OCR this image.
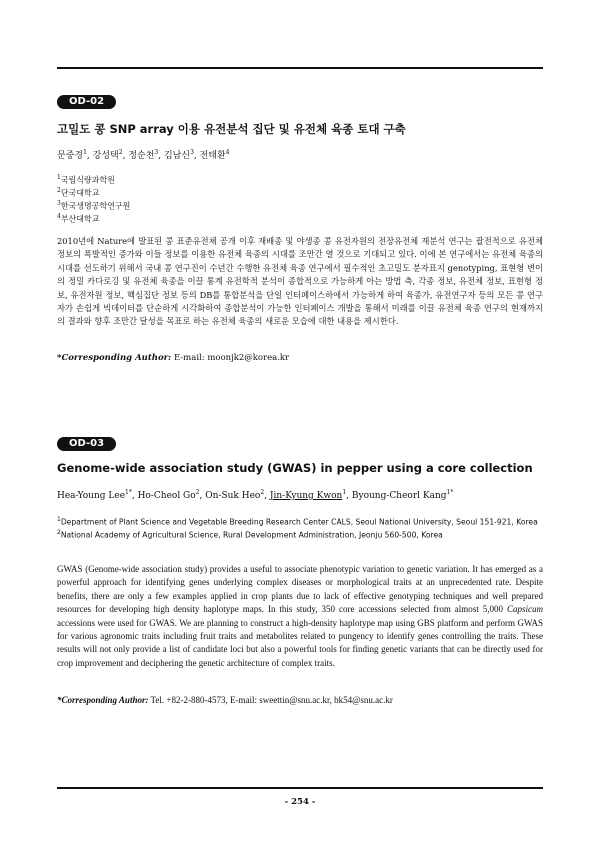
OD-02
고밀도 콩 SNP array 이용 유전분석 집단 및 유전체 육종 토대 구축
문중경$^1$, 강성택$^2$, 정순천$^3$, 김남신$^3$, 전태환$^4$
$^1$국립식량과학원
$^2$단국대학교
$^3$한국생명공학연구원
$^4$부산대학교
2010년에 Nature에 발표된 콩 표준유전체 공개 이후 재배종 및 야생종 콩 유전자원의 전장유전체 재분석 연구는 괄전적으로 유전체 정보의 폭발적인 증가와 이들 정보를 이용한 유전체 육종의 시대를 조만간 열 것으로 기대되고 있다. 이에 본 연구에서는 유전체 육종의 시대를 선도하기 위해서 국내 콩 연구진이 수년간 수행한 유전체 육종 연구에서 필수적인 초고밀도 분자표지 genotyping, 표현형 변이의 정밀 카다로깅 및 유전체 육종을 이끌 통계 유전학적 분석이 종합적으로 가능하게 아는 방법 측, 각종 정보, 유전체 정보, 표현형 정보, 유전자원 정보, 핵심집단 정보 등의 DB를 통합분석을 단일 인터페이스하에서 가능하게 하여 육종가, 유전연구자 등의 모든 콩 연구자가 손쉽게 빅데이터를 단순하게 시각화하여 종합분석이 가능한 인터페이스 개발을 통해서 미래를 이끌 유전체 육종 연구의 현재까지의 결과와 향후 조만간 달성을 목표로 하는 유전체 육종의 새로운 모습에 대한 내용을 제시한다.
*Corresponding Author: E-mail: moonjk2@korea.kr
OD-03
Genome-wide association study (GWAS) in pepper using a core collection
Hea-Young Lee$^{1*}$, Ho-Cheol Go$^2$, On-Suk Heo$^2$, Jin-Kyung Kwon$^1$, Byoung-Cheorl Kang$^{1*}$
$^1$Department of Plant Science and Vegetable Breeding Research Center CALS, Seoul National University, Seoul 151-921, Korea
$^2$National Academy of Agricultural Science, Rural Development Administration, Jeonju 560-500, Korea
GWAS (Genome-wide association study) provides a useful to associate phenotypic variation to genetic variation. It has emerged as a powerful approach for identifying genes underlying complex diseases or morphological traits at an unprecedented rate. Despite benefits, there are only a few examples applied in crop plants due to lack of effective genotyping techniques and well prepared resources for developing high density haplotype maps. In this study, 350 core accessions selected from almost 5,000 Capsicum accessions were used for GWAS. We are planning to construct a high-density haplotype map using GBS platform and perform GWAS for various agronomic traits including fruit traits and metabolites related to pungency to identify genes controlling the traits. These results will not only provide a list of candidate loci but also a powerful tools for finding genetic variants that can be directly used for crop improvement and deciphering the genetic architecture of complex traits.
*Corresponding Author: Tel. +82-2-880-4573, E-mail: sweettin@snu.ac.kr, bk54@snu.ac.kr
- 254 -
